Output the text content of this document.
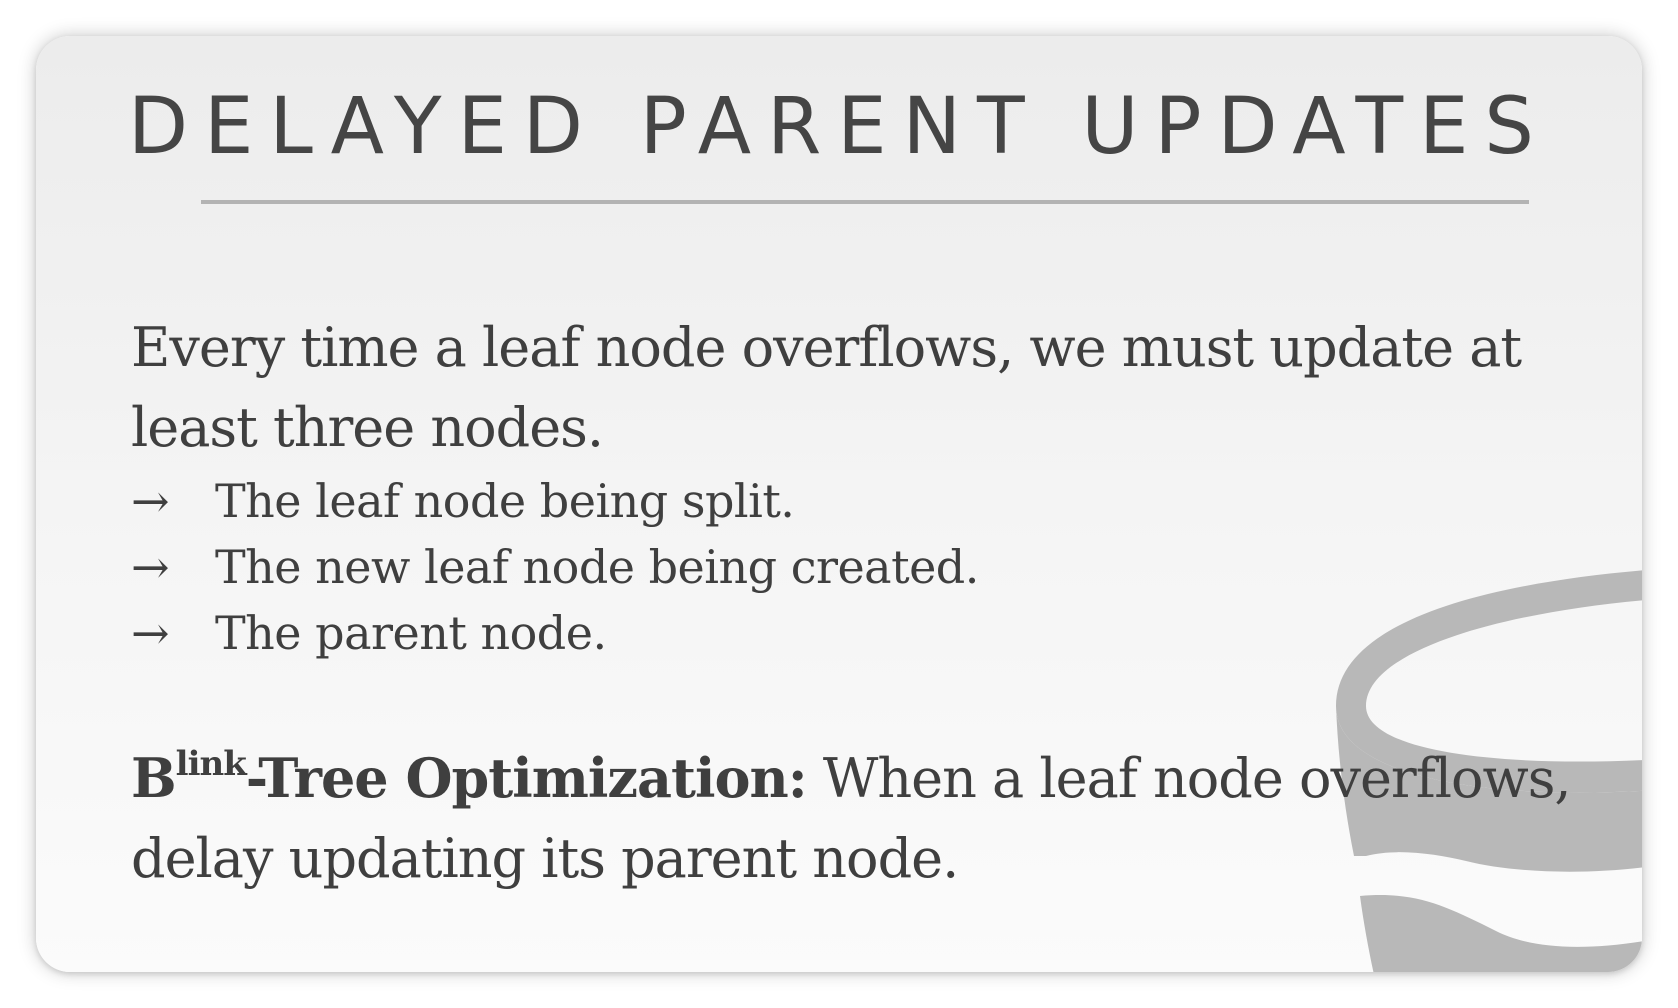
DELAYED PARENT UPDATES

Every time a leaf node overflows, we must update at least three nodes.

→ The leaf node being split.
→ The new leaf node being created.
→ The parent node.

$B^{link}$-Tree Optimization: When a leaf node overflows, delay updating its parent node.
